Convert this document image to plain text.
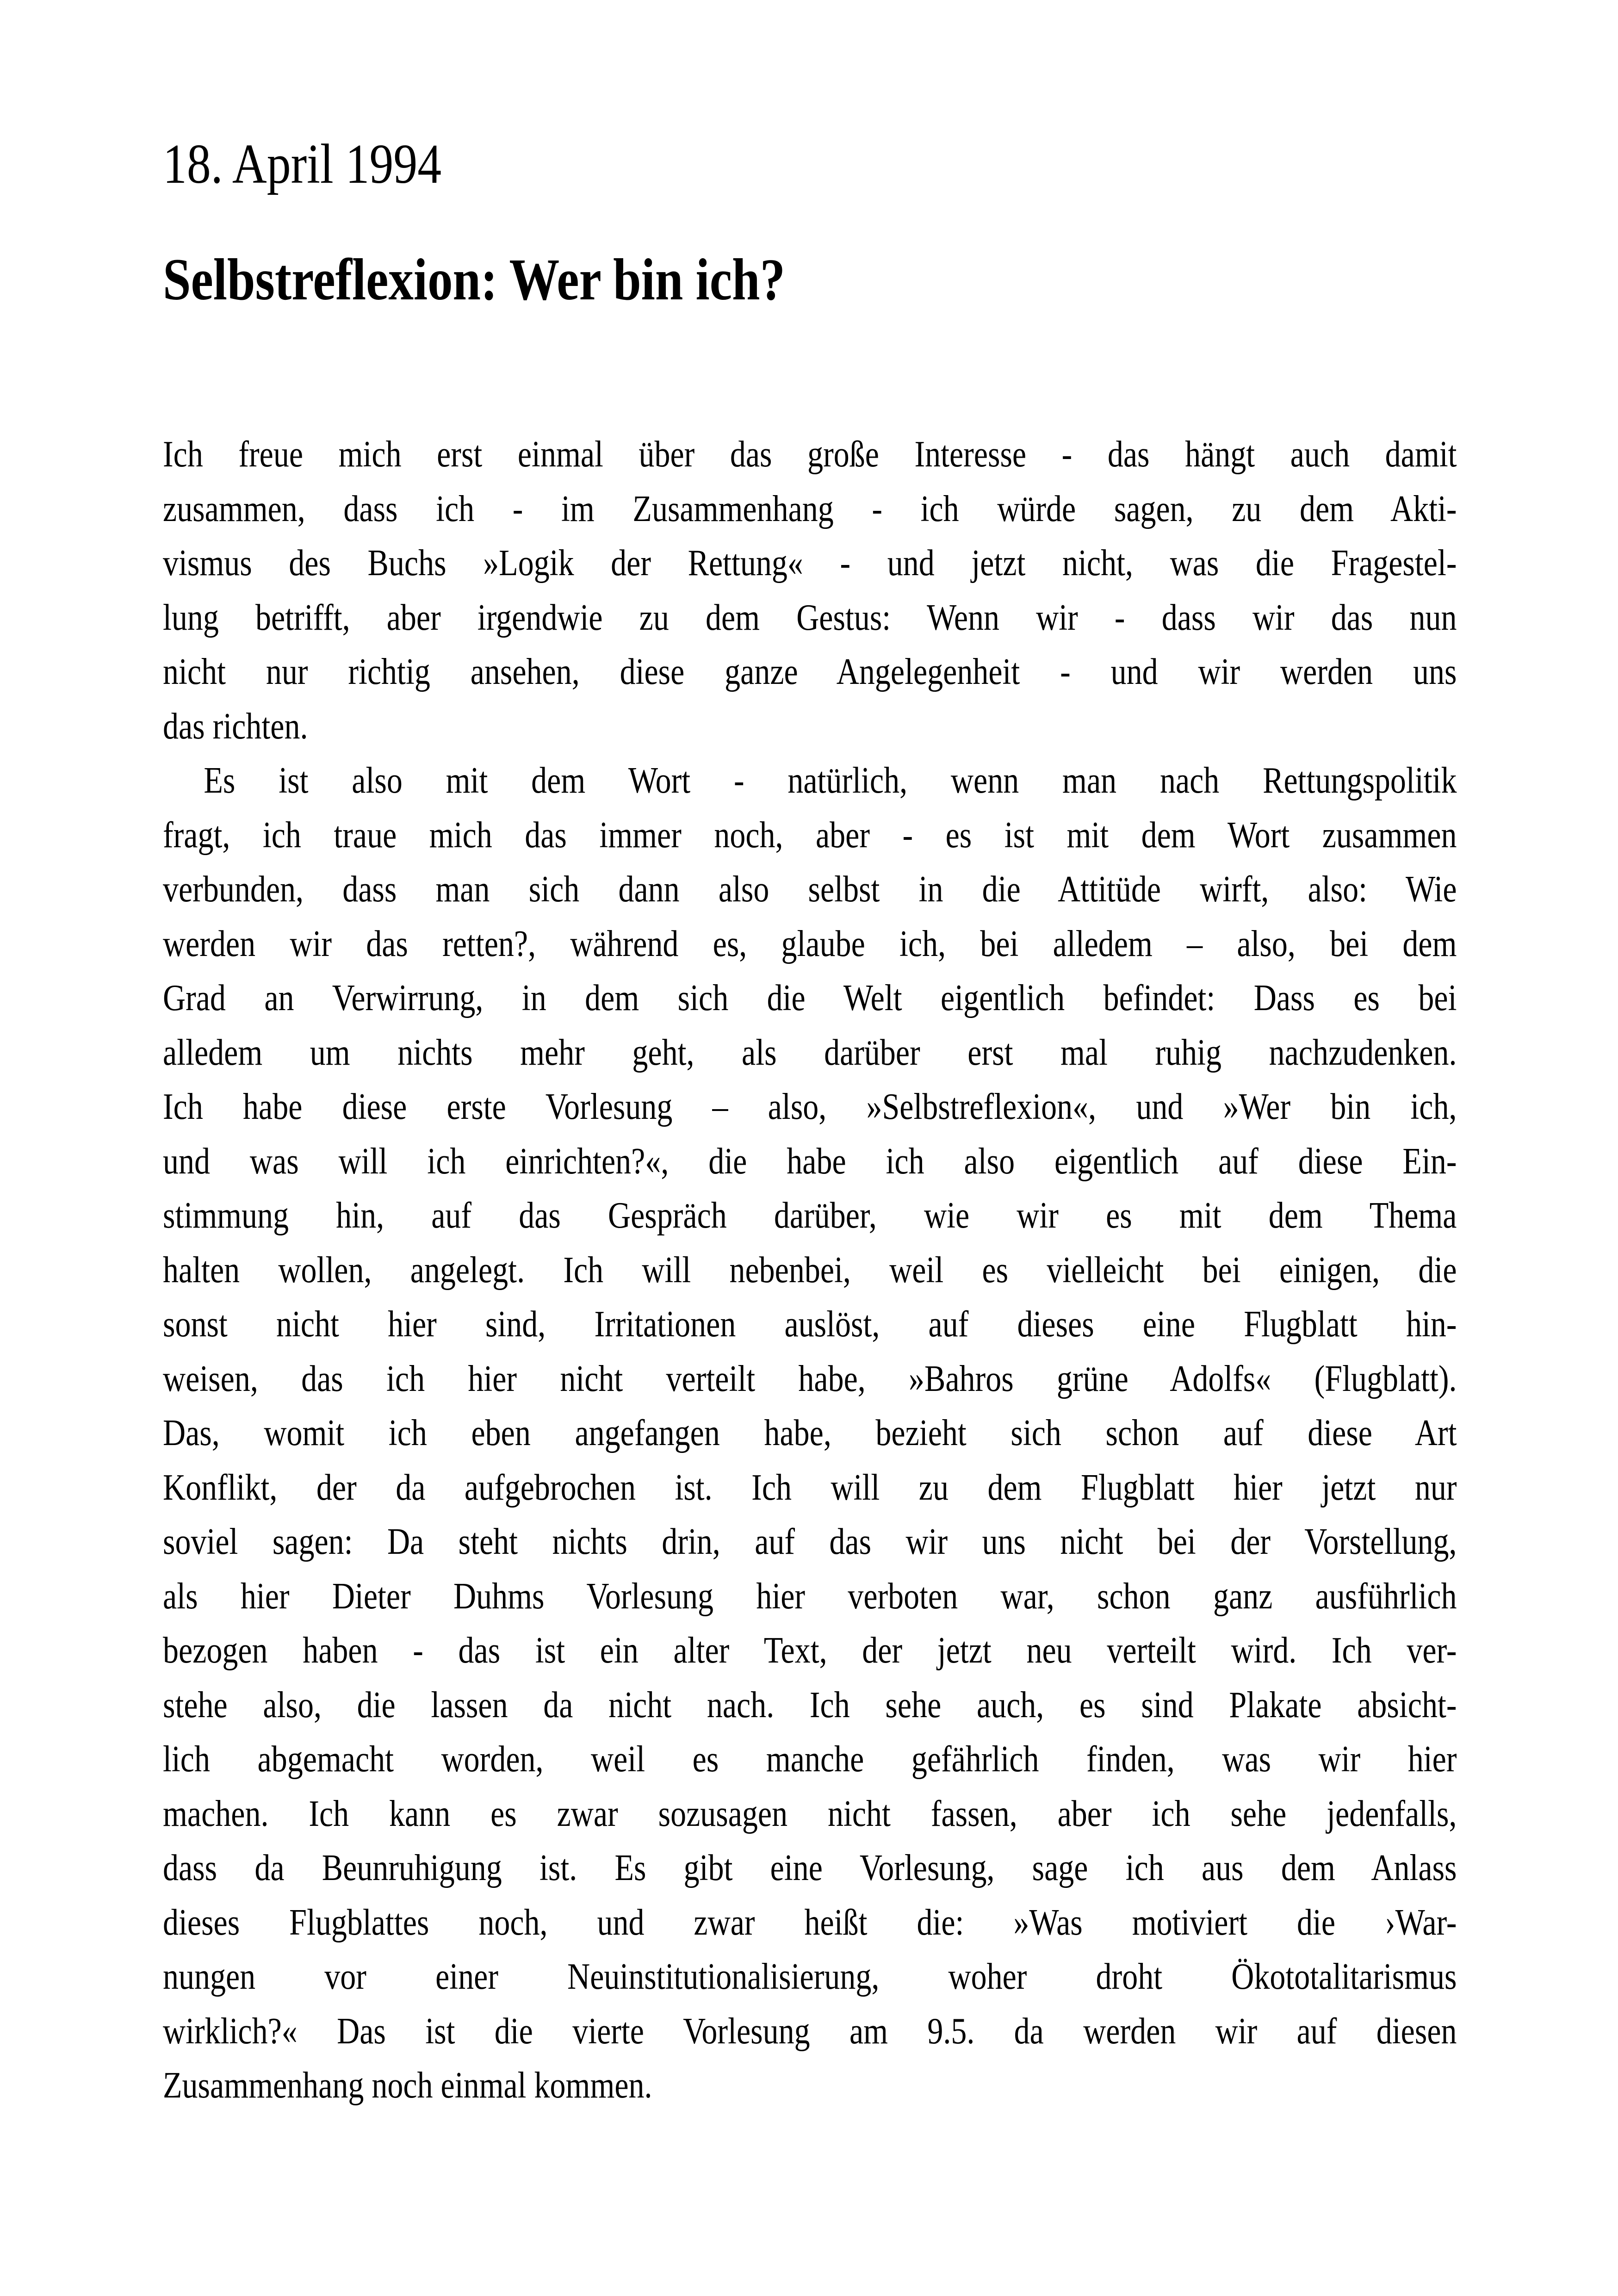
18. April 1994
Selbstreflexion: Wer bin ich?
Ich freue mich erst einmal über das große Interesse - das hängt auch damit
zusammen, dass ich - im Zusammenhang - ich würde sagen, zu dem Akti-
vismus des Buchs »Logik der Rettung« - und jetzt nicht, was die Fragestel-
lung betrifft, aber irgendwie zu dem Gestus: Wenn wir - dass wir das nun
nicht nur richtig ansehen, diese ganze Angelegenheit - und wir werden uns
das richten.
Es ist also mit dem Wort - natürlich, wenn man nach Rettungspolitik
fragt, ich traue mich das immer noch, aber - es ist mit dem Wort zusammen
verbunden, dass man sich dann also selbst in die Attitüde wirft, also: Wie
werden wir das retten?, während es, glaube ich, bei alledem – also, bei dem
Grad an Verwirrung, in dem sich die Welt eigentlich befindet: Dass es bei
alledem um nichts mehr geht, als darüber erst mal ruhig nachzudenken.
Ich habe diese erste Vorlesung – also, »Selbstreflexion«, und »Wer bin ich,
und was will ich einrichten?«, die habe ich also eigentlich auf diese Ein-
stimmung hin, auf das Gespräch darüber, wie wir es mit dem Thema
halten wollen, angelegt. Ich will nebenbei, weil es vielleicht bei einigen, die
sonst nicht hier sind, Irritationen auslöst, auf dieses eine Flugblatt hin-
weisen, das ich hier nicht verteilt habe, »Bahros grüne Adolfs« (Flugblatt).
Das, womit ich eben angefangen habe, bezieht sich schon auf diese Art
Konflikt, der da aufgebrochen ist. Ich will zu dem Flugblatt hier jetzt nur
soviel sagen: Da steht nichts drin, auf das wir uns nicht bei der Vorstellung,
als hier Dieter Duhms Vorlesung hier verboten war, schon ganz ausführlich
bezogen haben - das ist ein alter Text, der jetzt neu verteilt wird. Ich ver-
stehe also, die lassen da nicht nach. Ich sehe auch, es sind Plakate absicht-
lich abgemacht worden, weil es manche gefährlich finden, was wir hier
machen. Ich kann es zwar sozusagen nicht fassen, aber ich sehe jedenfalls,
dass da Beunruhigung ist. Es gibt eine Vorlesung, sage ich aus dem Anlass
dieses Flugblattes noch, und zwar heißt die: »Was motiviert die ›War-
nungen vor einer Neuinstitutionalisierung, woher droht Ökototalitarismus
wirklich?« Das ist die vierte Vorlesung am 9.5. da werden wir auf diesen
Zusammenhang noch einmal kommen.
